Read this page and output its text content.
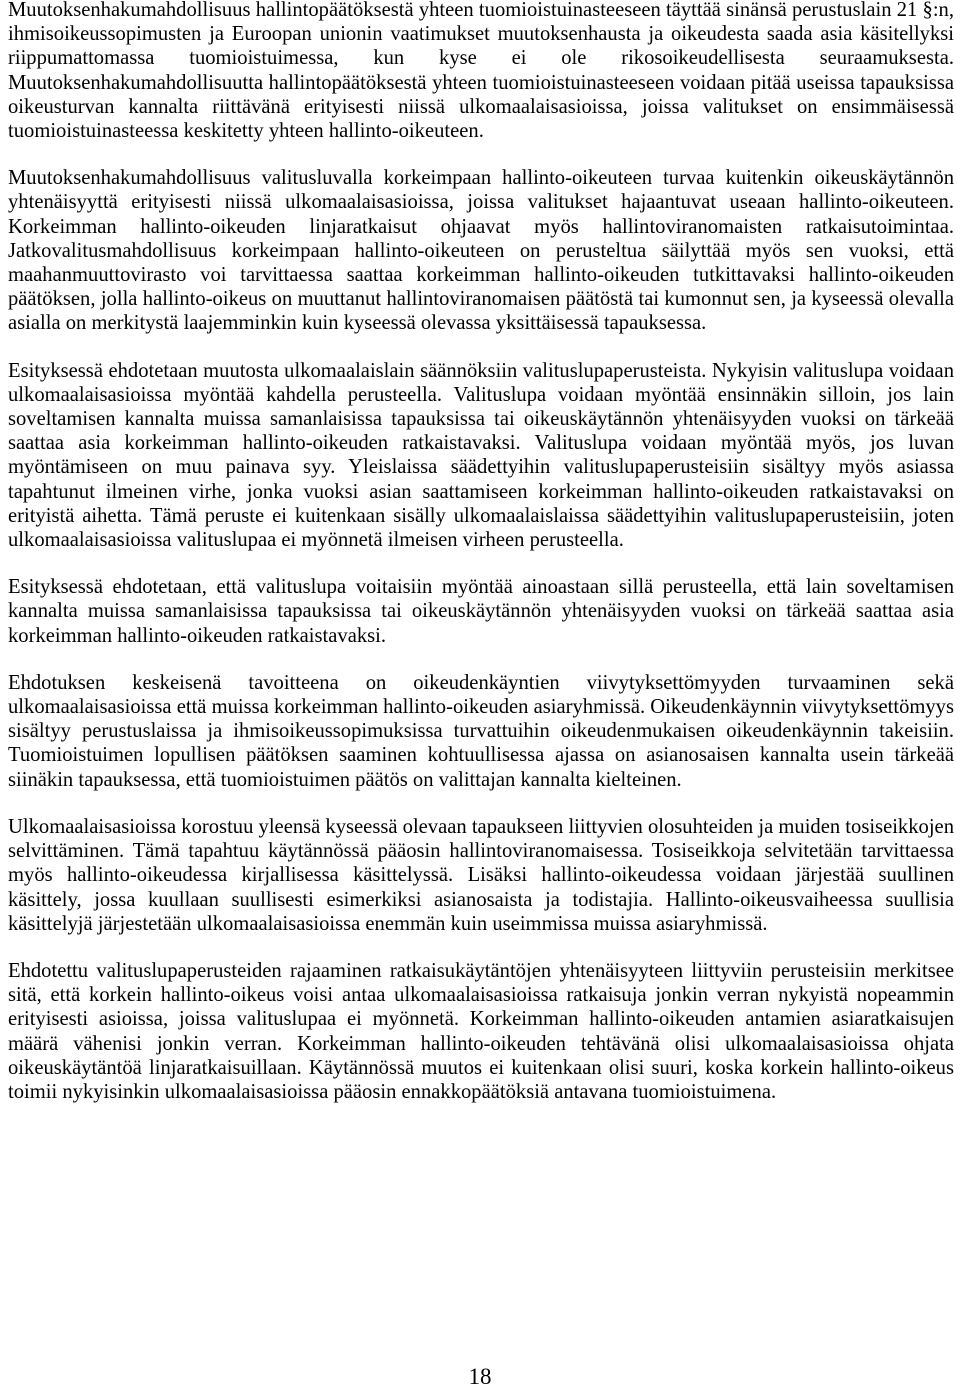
Muutoksenhakumahdollisuus hallintopäätöksestä yhteen tuomioistuinasteeseen täyttää sinänsä perustuslain 21 §:n, ihmisoikeussopimusten ja Euroopan unionin vaatimukset muutoksenhausta ja oikeudesta saada asia käsitellyksi riippumattomassa tuomioistuimessa, kun kyse ei ole rikosoikeudellisesta seuraamuksesta. Muutoksenhakumahdollisuutta hallintopäätöksestä yhteen tuomioistuinasteeseen voidaan pitää useissa tapauksissa oikeusturvan kannalta riittävänä erityisesti niissä ulkomaalaisasioissa, joissa valitukset on ensimmäisessä tuomioistuinasteessa keskitetty yhteen hallinto-oikeuteen.

Muutoksenhakumahdollisuus valitusluvalla korkeimpaan hallinto-oikeuteen turvaa kuitenkin oikeuskäytännön yhtenäisyyttä erityisesti niissä ulkomaalaisasioissa, joissa valitukset hajaantuvat useaan hallinto-oikeuteen. Korkeimman hallinto-oikeuden linjaratkaisut ohjaavat myös hallintoviranomaisten ratkaisutoimintaa. Jatkovalitusmahdollisuus korkeimpaan hallinto-oikeuteen on perusteltua säilyttää myös sen vuoksi, että maahanmuuttovirasto voi tarvittaessa saattaa korkeimman hallinto-oikeuden tutkittavaksi hallinto-oikeuden päätöksen, jolla hallinto-oikeus on muuttanut hallintoviranomaisen päätöstä tai kumonnut sen, ja kyseessä olevalla asialla on merkitystä laajemminkin kuin kyseessä olevassa yksittäisessä tapauksessa.

Esityksessä ehdotetaan muutosta ulkomaalaislain säännöksiin valituslupaperusteista. Nykyisin valituslupa voidaan ulkomaalaisasioissa myöntää kahdella perusteella. Valituslupa voidaan myöntää ensinnäkin silloin, jos lain soveltamisen kannalta muissa samanlaisissa tapauksissa tai oikeuskäytännön yhtenäisyyden vuoksi on tärkeää saattaa asia korkeimman hallinto-oikeuden ratkaistavaksi. Valituslupa voidaan myöntää myös, jos luvan myöntämiseen on muu painava syy. Yleislaissa säädettyihin valituslupaperusteisiin sisältyy myös asiassa tapahtunut ilmeinen virhe, jonka vuoksi asian saattamiseen korkeimman hallinto-oikeuden ratkaistavaksi on erityistä aihetta. Tämä peruste ei kuitenkaan sisälly ulkomaalaislaissa säädettyihin valituslupaperusteisiin, joten ulkomaalaisasioissa valituslupaa ei myönnetä ilmeisen virheen perusteella.

Esityksessä ehdotetaan, että valituslupa voitaisiin myöntää ainoastaan sillä perusteella, että lain soveltamisen kannalta muissa samanlaisissa tapauksissa tai oikeuskäytännön yhtenäisyyden vuoksi on tärkeää saattaa asia korkeimman hallinto-oikeuden ratkaistavaksi.

Ehdotuksen keskeisenä tavoitteena on oikeudenkäyntien viivytyksettömyyden turvaaminen sekä ulkomaalaisasioissa että muissa korkeimman hallinto-oikeuden asiaryhmissä. Oikeudenkäynnin viivytyksettömyys sisältyy perustuslaissa ja ihmisoikeussopimuksissa turvattuihin oikeudenmukaisen oikeudenkäynnin takeisiin. Tuomioistuimen lopullisen päätöksen saaminen kohtuullisessa ajassa on asianosaisen kannalta usein tärkeää siinäkin tapauksessa, että tuomioistuimen päätös on valittajan kannalta kielteinen.

Ulkomaalaisasioissa korostuu yleensä kyseessä olevaan tapaukseen liittyvien olosuhteiden ja muiden tosiseikkojen selvittäminen. Tämä tapahtuu käytännössä pääosin hallintoviranomaisessa. Tosiseikkoja selvitetään tarvittaessa myös hallinto-oikeudessa kirjallisessa käsittelyssä. Lisäksi hallinto-oikeudessa voidaan järjestää suullinen käsittely, jossa kuullaan suullisesti esimerkiksi asianosaista ja todistajia. Hallinto-oikeusvaiheessa suullisia käsittelyjä järjestetään ulkomaalaisasioissa enemmän kuin useimmissa muissa asiaryhmissä.

Ehdotettu valituslupaperusteiden rajaaminen ratkaisukäytäntöjen yhtenäisyyteen liittyviin perusteisiin merkitsee sitä, että korkein hallinto-oikeus voisi antaa ulkomaalaisasioissa ratkaisuja jonkin verran nykyistä nopeammin erityisesti asioissa, joissa valituslupaa ei myönnetä. Korkeimman hallinto-oikeuden antamien asiaratkaisujen määrä vähenisi jonkin verran. Korkeimman hallinto-oikeuden tehtävänä olisi ulkomaalaisasioissa ohjata oikeuskäytäntöä linjaratkaisuillaan. Käytännössä muutos ei kuitenkaan olisi suuri, koska korkein hallinto-oikeus toimii nykyisinkin ulkomaalaisasioissa pääosin ennakkopäätöksiä antavana tuomioistuimena.

18
